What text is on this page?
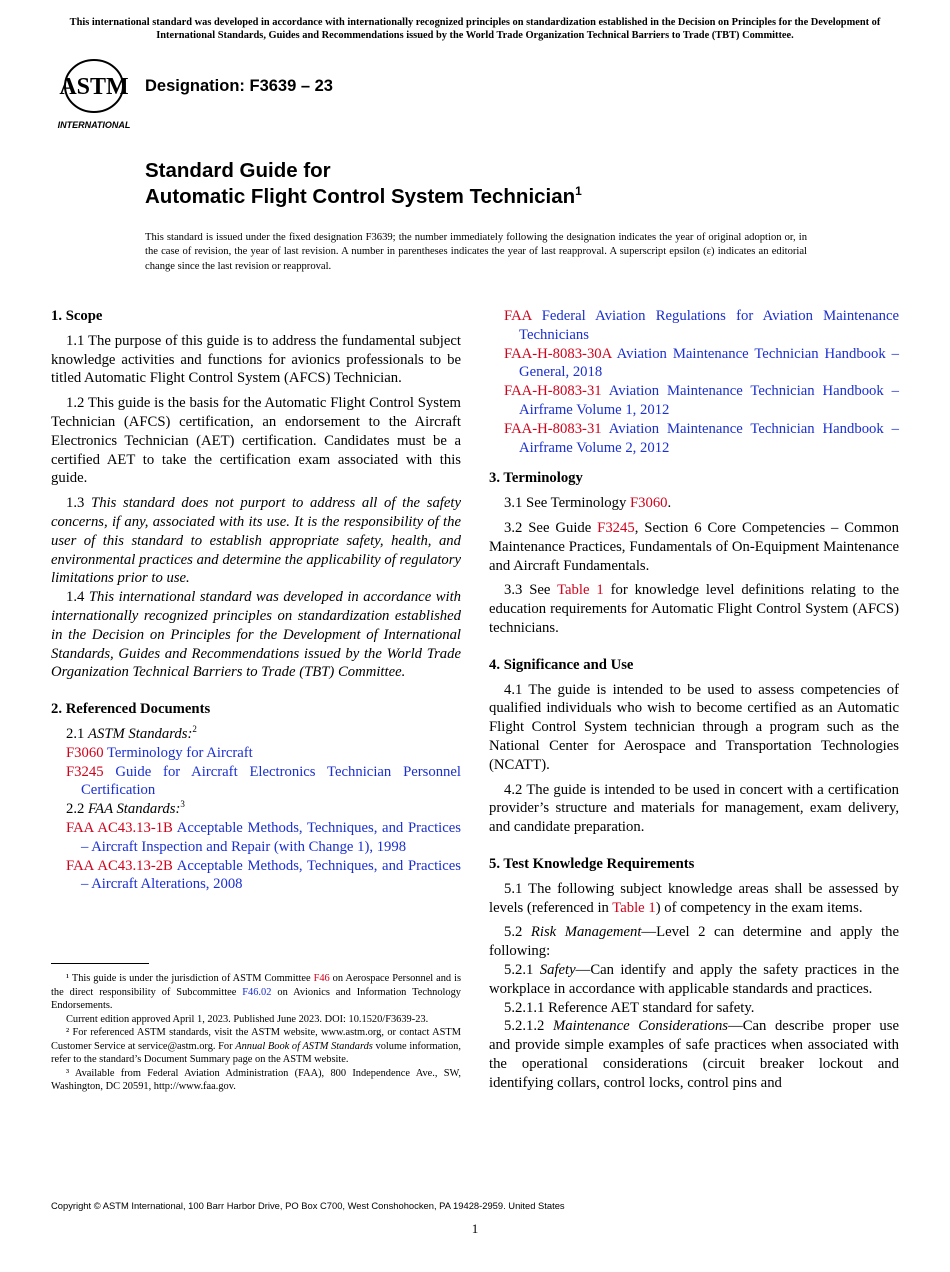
This international standard was developed in accordance with internationally recognized principles on standardization established in the Decision on Principles for the Development of International Standards, Guides and Recommendations issued by the World Trade Organization Technical Barriers to Trade (TBT) Committee.
ASTM
INTERNATIONAL
Designation: F3639 – 23
Standard Guide for
Automatic Flight Control System Technician$^1$
This standard is issued under the fixed designation F3639; the number immediately following the designation indicates the year of original adoption or, in the case of revision, the year of last revision. A number in parentheses indicates the year of last reapproval. A superscript epsilon (ε) indicates an editorial change since the last revision or reapproval.
1. Scope
1.1 The purpose of this guide is to address the fundamental subject knowledge activities and functions for avionics professionals to be titled Automatic Flight Control System (AFCS) Technician.
1.2 This guide is the basis for the Automatic Flight Control System Technician (AFCS) certification, an endorsement to the Aircraft Electronics Technician (AET) certification. Candidates must be a certified AET to take the certification exam associated with this guide.
1.3 This standard does not purport to address all of the safety concerns, if any, associated with its use. It is the responsibility of the user of this standard to establish appropriate safety, health, and environmental practices and determine the applicability of regulatory limitations prior to use.
1.4 This international standard was developed in accordance with internationally recognized principles on standardization established in the Decision on Principles for the Development of International Standards, Guides and Recommendations issued by the World Trade Organization Technical Barriers to Trade (TBT) Committee.
2. Referenced Documents
2.1 ASTM Standards:$^2$
F3060 Terminology for Aircraft
F3245 Guide for Aircraft Electronics Technician Personnel Certification
2.2 FAA Standards:$^3$
FAA AC43.13-1B Acceptable Methods, Techniques, and Practices – Aircraft Inspection and Repair (with Change 1), 1998
FAA AC43.13-2B Acceptable Methods, Techniques, and Practices – Aircraft Alterations, 2008
FAA Federal Aviation Regulations for Aviation Maintenance Technicians
FAA-H-8083-30A Aviation Maintenance Technician Handbook – General, 2018
FAA-H-8083-31 Aviation Maintenance Technician Handbook – Airframe Volume 1, 2012
FAA-H-8083-31 Aviation Maintenance Technician Handbook – Airframe Volume 2, 2012
3. Terminology
3.1 See Terminology F3060.
3.2 See Guide F3245, Section 6 Core Competencies – Common Maintenance Practices, Fundamentals of On-Equipment Maintenance and Aircraft Fundamentals.
3.3 See Table 1 for knowledge level definitions relating to the education requirements for Automatic Flight Control System (AFCS) technicians.
4. Significance and Use
4.1 The guide is intended to be used to assess competencies of qualified individuals who wish to become certified as an Automatic Flight Control System technician through a program such as the National Center for Aerospace and Transportation Technologies (NCATT).
4.2 The guide is intended to be used in concert with a certification provider’s structure and materials for management, exam delivery, and candidate preparation.
5. Test Knowledge Requirements
5.1 The following subject knowledge areas shall be assessed by levels (referenced in Table 1) of competency in the exam items.
5.2 Risk Management—Level 2 can determine and apply the following:
5.2.1 Safety—Can identify and apply the safety practices in the workplace in accordance with applicable standards and practices.
5.2.1.1 Reference AET standard for safety.
5.2.1.2 Maintenance Considerations—Can describe proper use and provide simple examples of safe practices when associated with the operational considerations (circuit breaker lockout and identifying collars, control locks, control pins and
¹ This guide is under the jurisdiction of ASTM Committee F46 on Aerospace Personnel and is the direct responsibility of Subcommittee F46.02 on Avionics and Information Technology Endorsements.
Current edition approved April 1, 2023. Published June 2023. DOI: 10.1520/F3639-23.
² For referenced ASTM standards, visit the ASTM website, www.astm.org, or contact ASTM Customer Service at service@astm.org. For Annual Book of ASTM Standards volume information, refer to the standard’s Document Summary page on the ASTM website.
³ Available from Federal Aviation Administration (FAA), 800 Independence Ave., SW, Washington, DC 20591, http://www.faa.gov.
Copyright © ASTM International, 100 Barr Harbor Drive, PO Box C700, West Conshohocken, PA 19428-2959. United States
1
